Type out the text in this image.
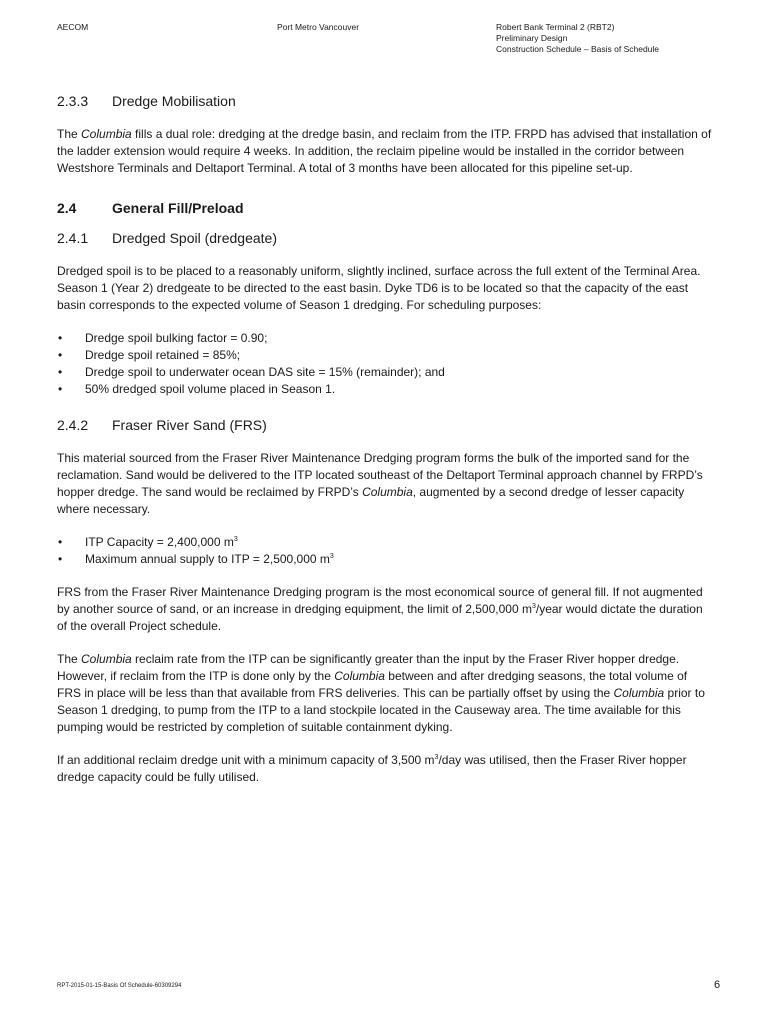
AECOM	Port Metro Vancouver	Robert Bank Terminal 2 (RBT2)
Preliminary Design
Construction Schedule – Basis of Schedule
2.3.3 Dredge Mobilisation

The Columbia fills a dual role: dredging at the dredge basin, and reclaim from the ITP. FRPD has advised that installation of the ladder extension would require 4 weeks. In addition, the reclaim pipeline would be installed in the corridor between Westshore Terminals and Deltaport Terminal. A total of 3 months have been allocated for this pipeline set-up.

2.4	General Fill/Preload
2.4.1 Dredged Spoil (dredgeate)

Dredged spoil is to be placed to a reasonably uniform, slightly inclined, surface across the full extent of the Terminal Area. Season 1 (Year 2) dredgeate to be directed to the east basin. Dyke TD6 is to be located so that the capacity of the east basin corresponds to the expected volume of Season 1 dredging. For scheduling purposes:

• Dredge spoil bulking factor = 0.90;
• Dredge spoil retained = 85%;
• Dredge spoil to underwater ocean DAS site = 15% (remainder); and
• 50% dredged spoil volume placed in Season 1.
2.4.2 Fraser River Sand (FRS)

This material sourced from the Fraser River Maintenance Dredging program forms the bulk of the imported sand for the reclamation. Sand would be delivered to the ITP located southeast of the Deltaport Terminal approach channel by FRPD’s hopper dredge. The sand would be reclaimed by FRPD’s Columbia, augmented by a second dredge of lesser capacity where necessary.

• ITP Capacity = 2,400,000 $m^3$
• Maximum annual supply to ITP = 2,500,000 $m^3$

FRS from the Fraser River Maintenance Dredging program is the most economical source of general fill. If not augmented by another source of sand, or an increase in dredging equipment, the limit of 2,500,000 $m^3$/year would dictate the duration of the overall Project schedule.

The Columbia reclaim rate from the ITP can be significantly greater than the input by the Fraser River hopper dredge. However, if reclaim from the ITP is done only by the Columbia between and after dredging seasons, the total volume of FRS in place will be less than that available from FRS deliveries. This can be partially offset by using the Columbia prior to Season 1 dredging, to pump from the ITP to a land stockpile located in the Causeway area. The time available for this pumping would be restricted by completion of suitable containment dyking.

If an additional reclaim dredge unit with a minimum capacity of 3,500 $m^3$/day was utilised, then the Fraser River hopper dredge capacity could be fully utilised.

RPT-2015-01-15-Basis Of Schedule-60309294	6
